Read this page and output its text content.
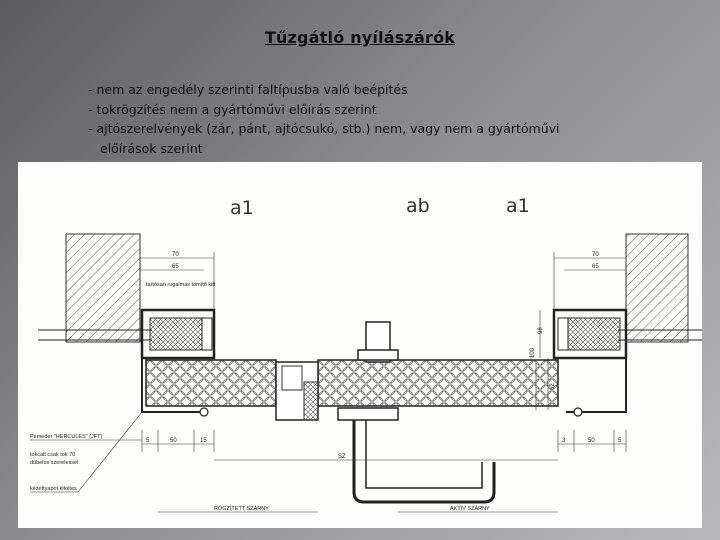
Tűzgátló nyílászárók
- nem az engedély szerinti faltípusba való beépítés
- tokrögzítés nem a gyártóművi előírás szerint
- ajtószerelvények (zár, pánt, ajtócsukó, stb.) nem, vagy nem a gyártóművi
előírások szerint
a1	ab	a1
70
65
tartósan rugalmas tömítő kitt
70
65
98
100
5	50	15	3	50	5
SZ
Pemeder "HERCULES" (JFT)
tokcalt csak tok 70
dübelos szerelessel
kézettyapot kitoltes
RÖGZÍTETT SZÁRNY	AKTÍV SZÁRNY
